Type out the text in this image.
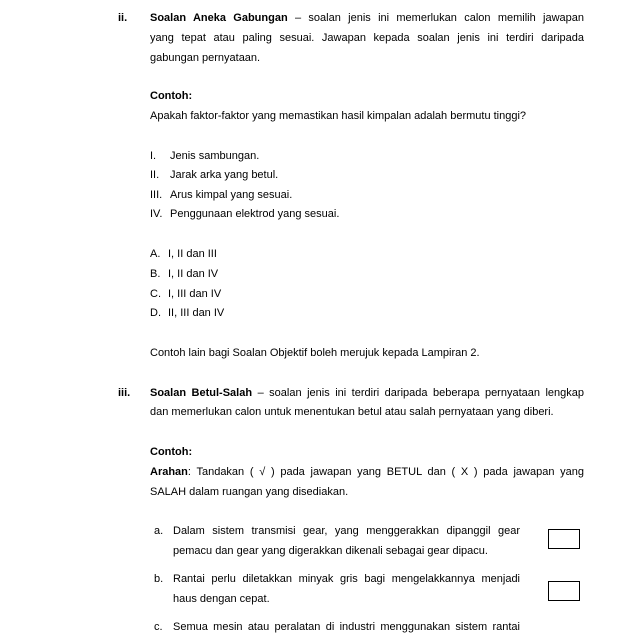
ii. Soalan Aneka Gabungan – soalan jenis ini memerlukan calon memilih jawapan
yang tepat atau paling sesuai. Jawapan kepada soalan jenis ini terdiri daripada
gabungan pernyataan.
Contoh:
Apakah faktor-faktor yang memastikan hasil kimpalan adalah bermutu tinggi?
I. Jenis sambungan.
II. Jarak arka yang betul.
III. Arus kimpal yang sesuai.
IV. Penggunaan elektrod yang sesuai.
A. I, II dan III
B. I, II dan IV
C. I, III dan IV
D. II, III dan IV
Contoh lain bagi Soalan Objektif boleh merujuk kepada Lampiran 2.
iii. Soalan Betul-Salah – soalan jenis ini terdiri daripada beberapa pernyataan lengkap
dan memerlukan calon untuk menentukan betul atau salah pernyataan yang diberi.
Contoh:
Arahan: Tandakan ( √ ) pada jawapan yang BETUL dan ( X ) pada jawapan yang
SALAH dalam ruangan yang disediakan.
a. Dalam sistem transmisi gear, yang menggerakkan dipanggil gear
pemacu dan gear yang digerakkan dikenali sebagai gear dipacu.
b. Rantai perlu diletakkan minyak gris bagi mengelakkannya menjadi
haus dengan cepat.
c. Semua mesin atau peralatan di industri menggunakan sistem rantai
